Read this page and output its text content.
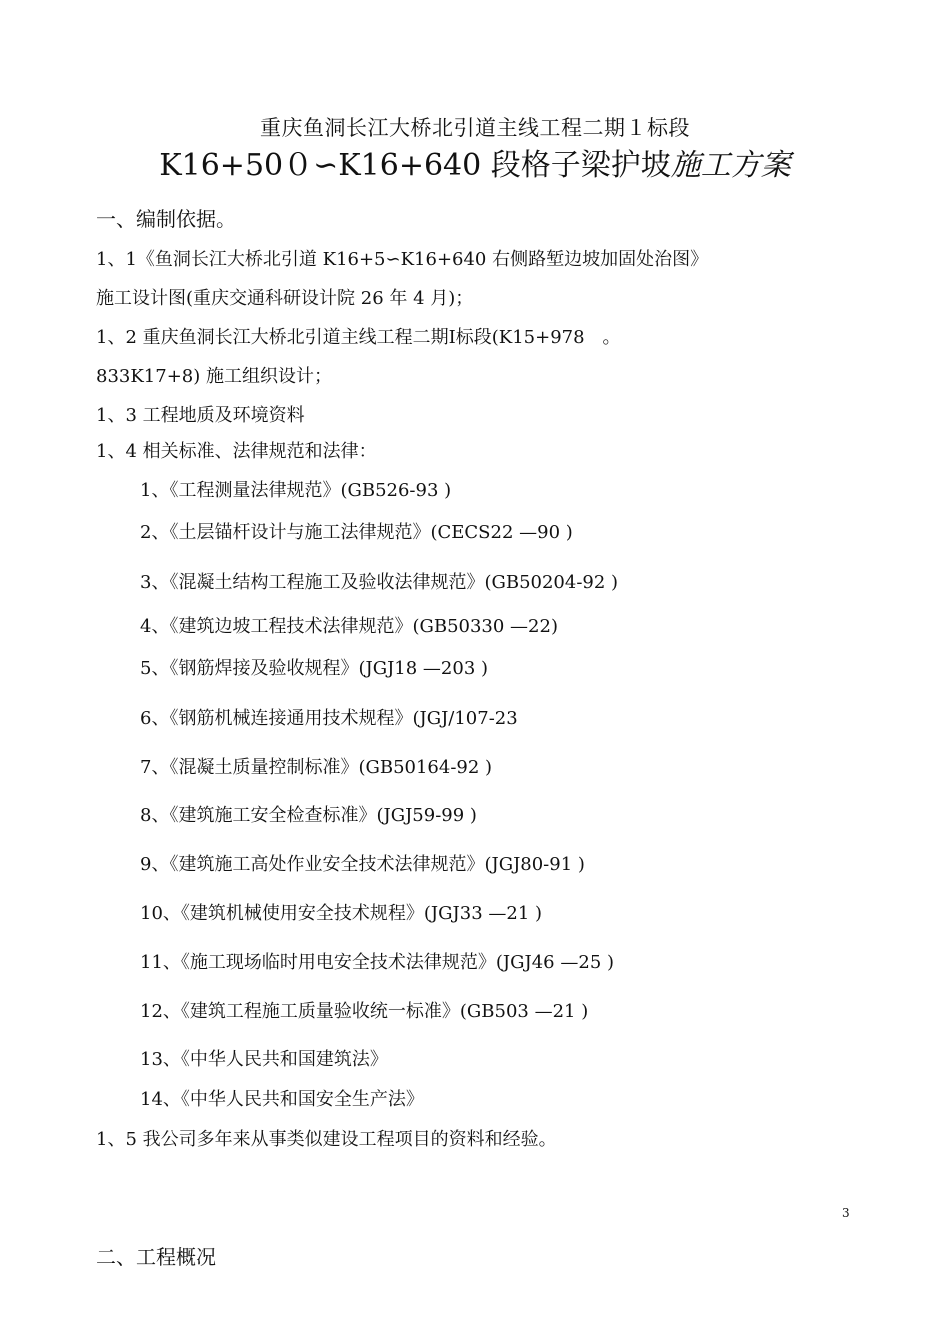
重庆鱼洞长江大桥北引道主线工程二期１标段
K16+50０∽K16+640 段格子梁护坡施工方案
一、编制依据。
1、1《鱼洞长江大桥北引道 K16+5∽K16+640 右侧路堑边坡加固处治图》
施工设计图(重庆交通科研设计院 26 年 4 月)；
1、2 重庆鱼洞长江大桥北引道主线工程二期Ⅰ标段(K15+978　。
833K17+8) 施工组织设计；
1、3 工程地质及环境资料
1、4 相关标准、法律规范和法律：
1、《工程测量法律规范》(GB526-93 )
2、《土层锚杆设计与施工法律规范》(CECS22 —90 )
3、《混凝土结构工程施工及验收法律规范》(GB50204-92 )
4、《建筑边坡工程技术法律规范》(GB50330 —22)
5、《钢筋焊接及验收规程》(JGJ18 —203 )
6、《钢筋机械连接通用技术规程》(JGJ/107-23
7、《混凝土质量控制标准》(GB50164-92 )
8、《建筑施工安全检查标准》(JGJ59-99 )
9、《建筑施工高处作业安全技术法律规范》(JGJ80-91 )
10、《建筑机械使用安全技术规程》(JGJ33 —21 )
11、《施工现场临时用电安全技术法律规范》(JGJ46 —25 )
12、《建筑工程施工质量验收统一标准》(GB503 —21 )
13、《中华人民共和国建筑法》
14、《中华人民共和国安全生产法》
1、5 我公司多年来从事类似建设工程项目的资料和经验。
3
二、工程概况
